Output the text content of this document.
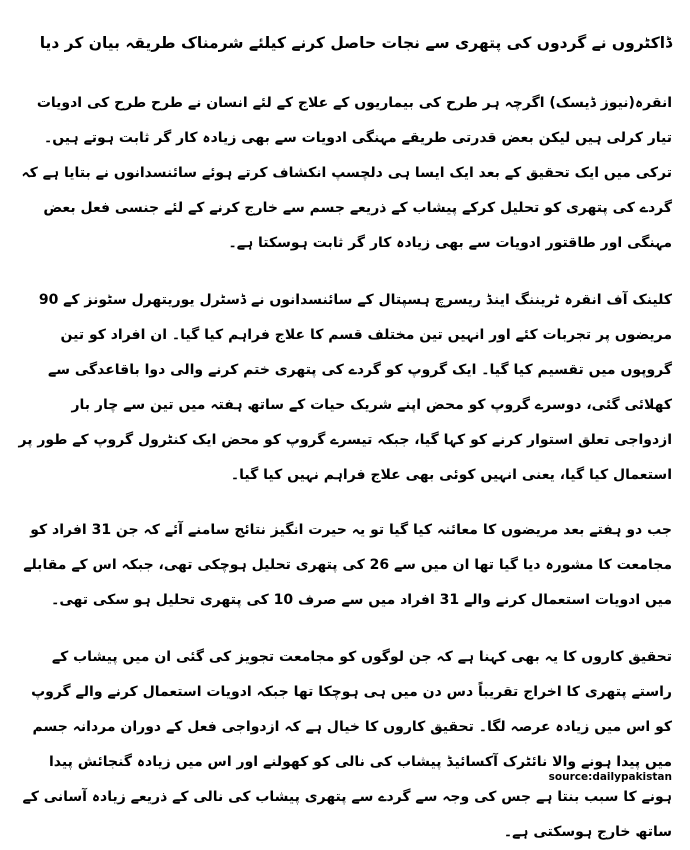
ڈاکٹروں نے گردوں کی پتھری سے نجات حاصل کرنے کیلئے شرمناک طریقہ بیان کر دیا

انقرہ(نیوز ڈیسک) اگرچہ ہر طرح کی بیماریوں کے علاج کے لئے انسان نے طرح طرح کی ادویات تیار کرلی ہیں لیکن بعض قدرتی طریقے مہنگی ادویات سے بھی زیادہ کار گر ثابت ہوتے ہیں۔ ترکی میں ایک تحقیق کے بعد ایک ایسا ہی دلچسپ انکشاف کرتے ہوئے سائنسدانوں نے بتایا ہے کہ گردے کی پتھری کو تحلیل کرکے پیشاب کے ذریعے جسم سے خارج کرنے کے لئے جنسی فعل بعض مہنگی اور طاقتور ادویات سے بھی زیادہ کار گر ثابت ہوسکتا ہے۔

کلینک آف انقرہ ٹریننگ اینڈ ریسرچ ہسپتال کے سائنسدانوں نے ڈسٹرل یوریتھرل سٹونز کے 90 مریضوں پر تجربات کئے اور انہیں تین مختلف قسم کا علاج فراہم کیا گیا۔ ان افراد کو تین گروپوں میں تقسیم کیا گیا۔ ایک گروپ کو گردے کی پتھری ختم کرنے والی دوا باقاعدگی سے کھلائی گئی، دوسرے گروپ کو محض اپنے شریک حیات کے ساتھ ہفتہ میں تین سے چار بار ازدواجی تعلق استوار کرنے کو کہا گیا، جبکہ تیسرے گروپ کو محض ایک کنٹرول گروپ کے طور پر استعمال کیا گیا، یعنی انہیں کوئی بھی علاج فراہم نہیں کیا گیا۔

جب دو ہفتے بعد مریضوں کا معائنہ کیا گیا تو یہ حیرت انگیز نتائج سامنے آئے کہ جن 31 افراد کو مجامعت کا مشورہ دیا گیا تھا ان میں سے 26 کی پتھری تحلیل ہوچکی تھی، جبکہ اس کے مقابلے میں ادویات استعمال کرنے والے 31 افراد میں سے صرف 10 کی پتھری تحلیل ہو سکی تھی۔

تحقیق کاروں کا یہ بھی کہنا ہے کہ جن لوگوں کو مجامعت تجویز کی گئی ان میں پیشاب کے راستے پتھری کا اخراج تقریباً دس دن میں ہی ہوچکا تھا جبکہ ادویات استعمال کرنے والے گروپ کو اس میں زیادہ عرصہ لگا۔ تحقیق کاروں کا خیال ہے کہ ازدواجی فعل کے دوران مردانہ جسم میں پیدا ہونے والا نائٹرک آکسائیڈ پیشاب کی نالی کو کھولنے اور اس میں زیادہ گنجائش پیدا ہونے کا سبب بنتا ہے جس کی وجہ سے گردے سے پتھری پیشاب کی نالی کے ذریعے زیادہ آسانی کے ساتھ خارج ہوسکتی ہے۔

source:dailypakistan
